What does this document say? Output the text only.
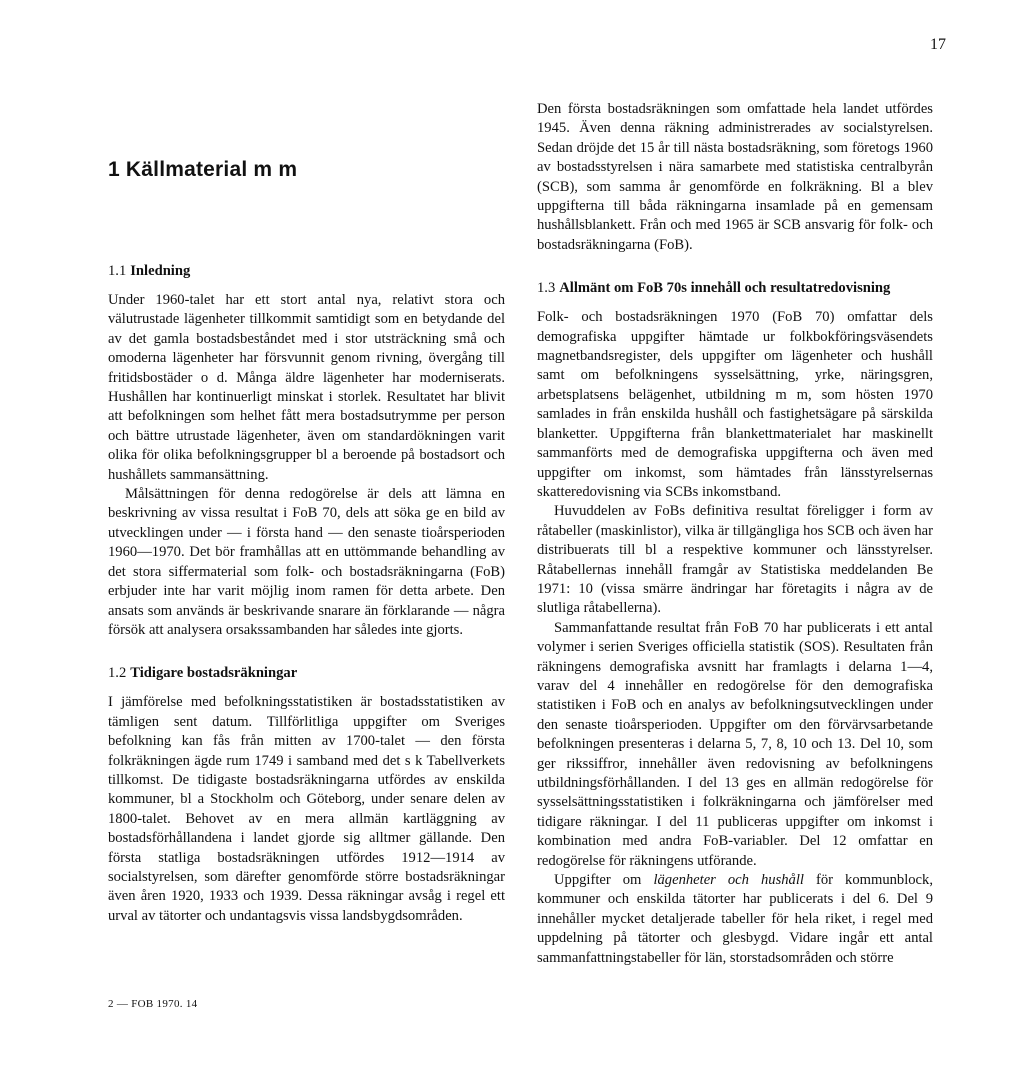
17
1 Källmaterial m m
1.1 Inledning

Under 1960-talet har ett stort antal nya, relativt stora och välutrustade lägenheter tillkommit samtidigt som en betydande del av det gamla bostadsbeståndet med i stor utsträckning små och omoderna lägenheter har försvunnit genom rivning, övergång till fritidsbostäder o d. Många äldre lägenheter har moderniserats. Hushållen har kontinuerligt minskat i storlek. Resultatet har blivit att befolkningen som helhet fått mera bostadsutrymme per person och bättre utrustade lägenheter, även om standardökningen varit olika för olika befolkningsgrupper bl a beroende på bostadsort och hushållets sammansättning.

Målsättningen för denna redogörelse är dels att lämna en beskrivning av vissa resultat i FoB 70, dels att söka ge en bild av utvecklingen under — i första hand — den senaste tioårsperioden 1960—1970. Det bör framhållas att en uttömmande behandling av det stora siffermaterial som folk- och bostadsräkningarna (FoB) erbjuder inte har varit möjlig inom ramen för detta arbete. Den ansats som används är beskrivande snarare än förklarande — några försök att analysera orsakssambanden har således inte gjorts.

1.2 Tidigare bostadsräkningar

I jämförelse med befolkningsstatistiken är bostadsstatistiken av tämligen sent datum. Tillförlitliga uppgifter om Sveriges befolkning kan fås från mitten av 1700-talet — den första folkräkningen ägde rum 1749 i samband med det s k Tabellverkets tillkomst. De tidigaste bostadsräkningarna utfördes av enskilda kommuner, bl a Stockholm och Göteborg, under senare delen av 1800-talet. Behovet av en mera allmän kartläggning av bostadsförhållandena i landet gjorde sig alltmer gällande. Den första statliga bostadsräkningen utfördes 1912—1914 av socialstyrelsen, som därefter genomförde större bostadsräkningar även åren 1920, 1933 och 1939. Dessa räkningar avsåg i regel ett urval av tätorter och undantagsvis vissa landsbygdsområden.

Den första bostadsräkningen som omfattade hela landet utfördes 1945. Även denna räkning administrerades av socialstyrelsen. Sedan dröjde det 15 år till nästa bostadsräkning, som företogs 1960 av bostadsstyrelsen i nära samarbete med statistiska centralbyrån (SCB), som samma år genomförde en folkräkning. Bl a blev uppgifterna till båda räkningarna insamlade på en gemensam hushållsblankett. Från och med 1965 är SCB ansvarig för folk- och bostadsräkningarna (FoB).

1.3 Allmänt om FoB 70s innehåll och resultatredovisning

Folk- och bostadsräkningen 1970 (FoB 70) omfattar dels demografiska uppgifter hämtade ur folkbokföringsväsendets magnetbandsregister, dels uppgifter om lägenheter och hushåll samt om befolkningens sysselsättning, yrke, näringsgren, arbetsplatsens belägenhet, utbildning m m, som hösten 1970 samlades in från enskilda hushåll och fastighetsägare på särskilda blanketter. Uppgifterna från blankettmaterialet har maskinellt sammanförts med de demografiska uppgifterna och även med uppgifter om inkomst, som hämtades från länsstyrelsernas skatteredovisning via SCBs inkomstband.

Huvuddelen av FoBs definitiva resultat föreligger i form av råtabeller (maskinlistor), vilka är tillgängliga hos SCB och även har distribuerats till bl a respektive kommuner och länsstyrelser. Råtabellernas innehåll framgår av Statistiska meddelanden Be 1971: 10 (vissa smärre ändringar har företagits i några av de slutliga råtabellerna).

Sammanfattande resultat från FoB 70 har publicerats i ett antal volymer i serien Sveriges officiella statistik (SOS). Resultaten från räkningens demografiska avsnitt har framlagts i delarna 1—4, varav del 4 innehåller en redogörelse för den demografiska statistiken i FoB och en analys av befolkningsutvecklingen under den senaste tioårsperioden. Uppgifter om den förvärvsarbetande befolkningen presenteras i delarna 5, 7, 8, 10 och 13. Del 10, som ger rikssiffror, innehåller även redovisning av befolkningens utbildningsförhållanden. I del 13 ges en allmän redogörelse för sysselsättningsstatistiken i folkräkningarna och jämförelser med tidigare räkningar. I del 11 publiceras uppgifter om inkomst i kombination med andra FoB-variabler. Del 12 omfattar en redogörelse för räkningens utförande.

Uppgifter om lägenheter och hushåll för kommunblock, kommuner och enskilda tätorter har publicerats i del 6. Del 9 innehåller mycket detaljerade tabeller för hela riket, i regel med uppdelning på tätorter och glesbygd. Vidare ingår ett antal sammanfattningstabeller för län, storstadsområden och större

2 — FOB 1970. 14
